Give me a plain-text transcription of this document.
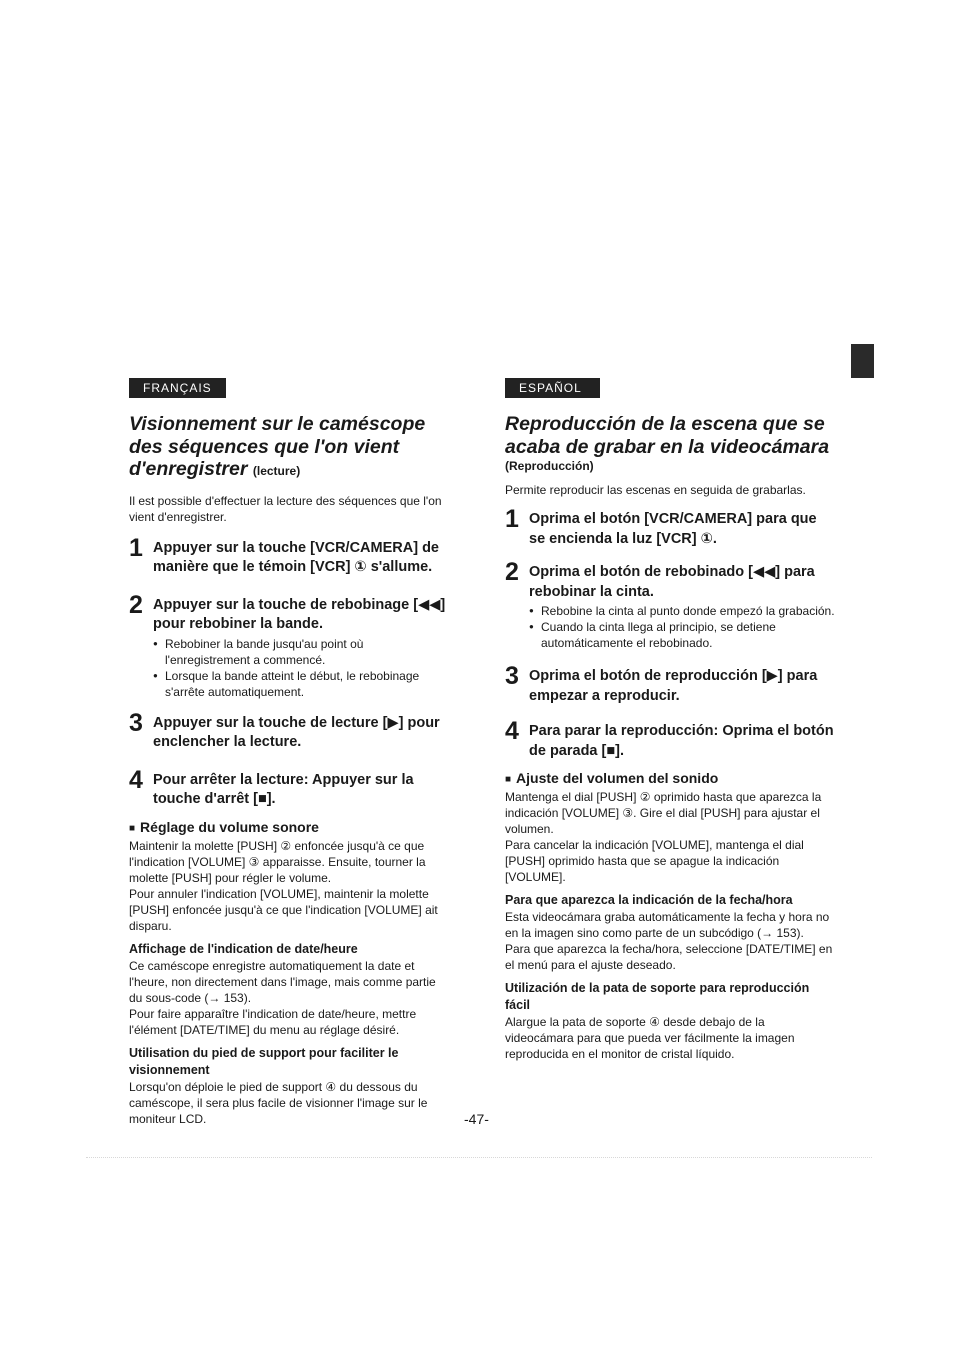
FRANÇAIS
Visionnement sur le caméscope des séquences que l'on vient d'enregistrer (lecture)

Il est possible d'effectuer la lecture des séquences que l'on vient d'enregistrer.

1 Appuyer sur la touche [VCR/CAMERA] de manière que le témoin [VCR] ① s'allume.
2 Appuyer sur la touche de rebobinage [◀◀] pour rebobiner la bande.
● Rebobiner la bande jusqu'au point où l'enregistrement a commencé.
● Lorsque la bande atteint le début, le rebobinage s'arrête automatiquement.
3 Appuyer sur la touche de lecture [▶] pour enclencher la lecture.
4 Pour arrêter la lecture: Appuyer sur la touche d'arrêt [■].
■ Réglage du volume sonore

Maintenir la molette [PUSH] ② enfoncée jusqu'à ce que l'indication [VOLUME] ③ apparaisse. Ensuite, tourner la molette [PUSH] pour régler le volume.

Pour annuler l'indication [VOLUME], maintenir la molette [PUSH] enfoncée jusqu'à ce que l'indication [VOLUME] ait disparu.

Affichage de l'indication de date/heure

Ce caméscope enregistre automatiquement la date et l'heure, non directement dans l'image, mais comme partie du sous-code (→ 153).

Pour faire apparaître l'indication de date/heure, mettre l'élément [DATE/TIME] du menu au réglage désiré.

Utilisation du pied de support pour faciliter le visionnement

Lorsqu'on déploie le pied de support ④ du dessous du caméscope, il sera plus facile de visionner l'image sur le moniteur LCD.

ESPAÑOL
Reproducción de la escena que se acaba de grabar en la videocámara

(Reproducción)

Permite reproducir las escenas en seguida de grabarlas.

1 Oprima el botón [VCR/CAMERA] para que se encienda la luz [VCR] ①.
2 Oprima el botón de rebobinado [◀◀] para rebobinar la cinta.
● Rebobine la cinta al punto donde empezó la grabación.
● Cuando la cinta llega al principio, se detiene automáticamente el rebobinado.
3 Oprima el botón de reproducción [▶] para empezar a reproducir.
4 Para parar la reproducción: Oprima el botón de parada [■].
■ Ajuste del volumen del sonido

Mantenga el dial [PUSH] ② oprimido hasta que aparezca la indicación [VOLUME] ③. Gire el dial [PUSH] para ajustar el volumen.

Para cancelar la indicación [VOLUME], mantenga el dial [PUSH] oprimido hasta que se apague la indicación [VOLUME].

Para que aparezca la indicación de la fecha/hora

Esta videocámara graba automáticamente la fecha y hora no en la imagen sino como parte de un subcódigo (→ 153).

Para que aparezca la fecha/hora, seleccione [DATE/TIME] en el menú para el ajuste deseado.

Utilización de la pata de soporte para reproducción fácil

Alargue la pata de soporte ④ desde debajo de la videocámara para que pueda ver fácilmente la imagen reproducida en el monitor de cristal líquido.

-47-
